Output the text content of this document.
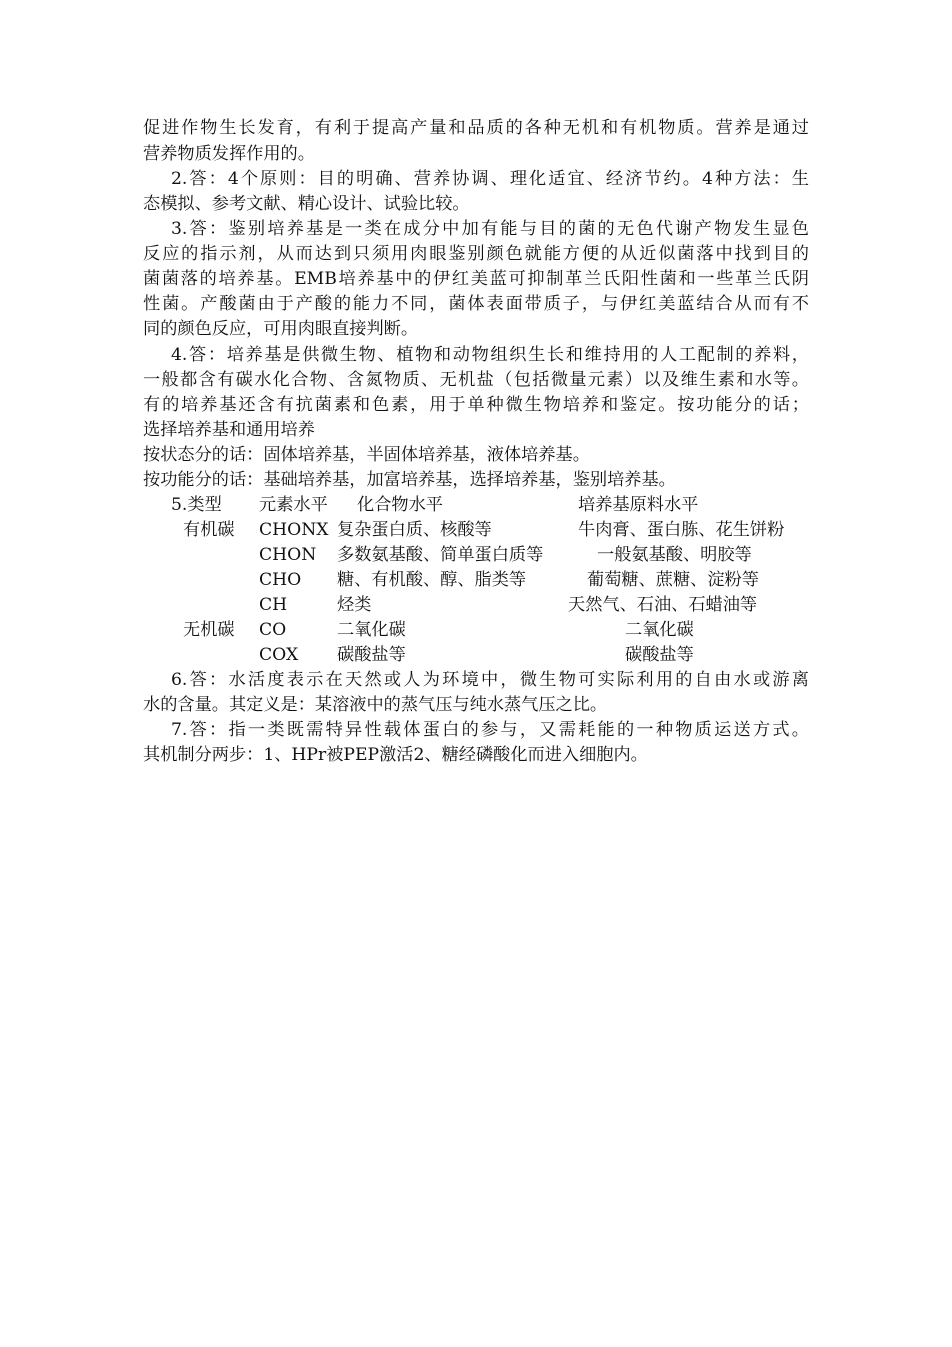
促进作物生长发育，有利于提高产量和品质的各种无机和有机物质。营养是通过

营养物质发挥作用的。

2.答：4个原则：目的明确、营养协调、理化适宜、经济节约。4种方法：生

态模拟、参考文献、精心设计、试验比较。

3.答：鉴别培养基是一类在成分中加有能与目的菌的无色代谢产物发生显色

反应的指示剂，从而达到只须用肉眼鉴别颜色就能方便的从近似菌落中找到目的

菌菌落的培养基。EMB培养基中的伊红美蓝可抑制革兰氏阳性菌和一些革兰氏阴

性菌。产酸菌由于产酸的能力不同，菌体表面带质子，与伊红美蓝结合从而有不

同的颜色反应，可用肉眼直接判断。

4.答：培养基是供微生物、植物和动物组织生长和维持用的人工配制的养料，

一般都含有碳水化合物、含氮物质、无机盐（包括微量元素）以及维生素和水等。

有的培养基还含有抗菌素和色素，用于单种微生物培养和鉴定。按功能分的话；

选择培养基和通用培养

按状态分的话：固体培养基，半固体培养基，液体培养基。

按功能分的话：基础培养基，加富培养基，选择培养基，鉴别培养基。

5.类型 元素水平 化合物水平	培养基原料水平
有机碳 CHONX 复杂蛋白质、核酸等	牛肉膏、蛋白胨、花生饼粉
CHON 多数氨基酸、简单蛋白质等	一般氨基酸、明胶等
CHO 糖、有机酸、醇、脂类等	葡萄糖、蔗糖、淀粉等
CH	烃类	天然气、石油、石蜡油等
无机碳 CO	二氧化碳	二氧化碳
COX 碳酸盐等	碳酸盐等

6.答：水活度表示在天然或人为环境中，微生物可实际利用的自由水或游离

水的含量。其定义是：某溶液中的蒸气压与纯水蒸气压之比。

7.答：指一类既需特异性载体蛋白的参与，又需耗能的一种物质运送方式。

其机制分两步：1、HPr被PEP激活2、糖经磷酸化而进入细胞内。
